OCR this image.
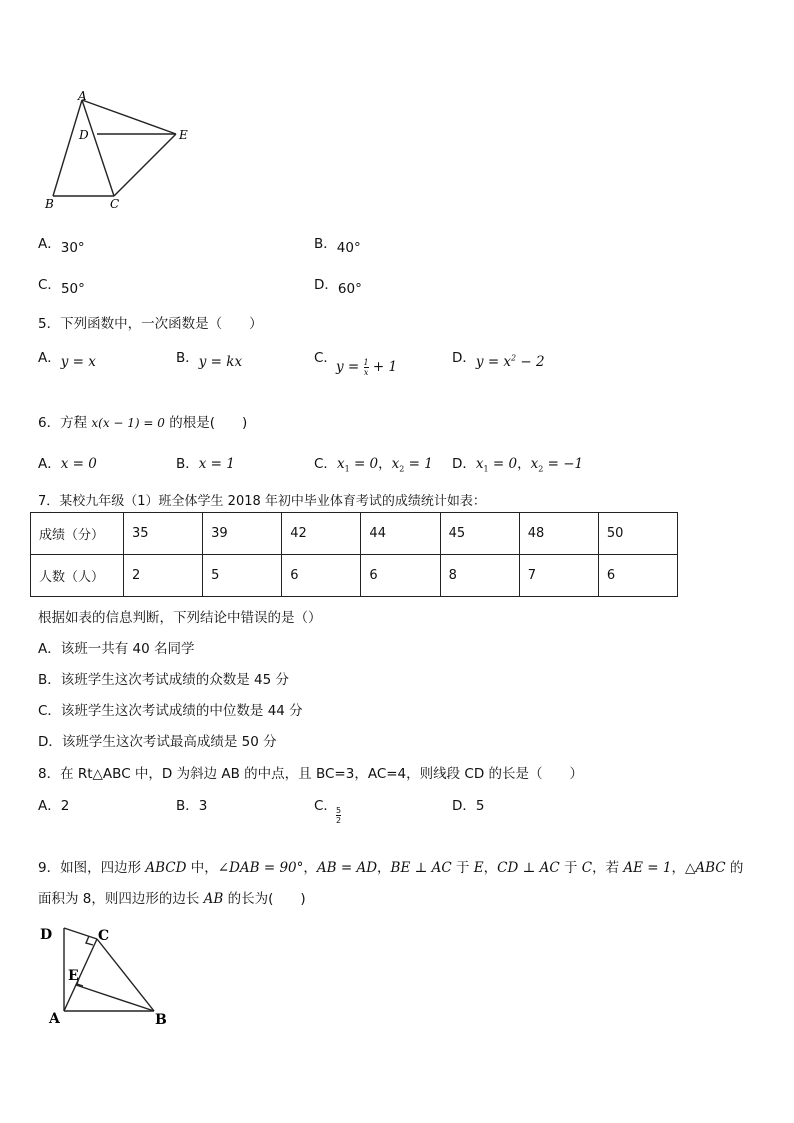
A
D	E
B	C
A．30°	B．40°
C．50°	D．60°
5．下列函数中，一次函数是（　　）
A．y = x	B．y = kx	C．
$y = \frac{1}{x} + 1$
D．$y = x^2 - 2$
6．方程 x(x − 1) = 0 的根是(　　)
A．x = 0	B．x = 1	C．$x_1 = 0$，$x_2 = 1$ D．$x_1 = 0$，$x_2 = -1$
7．某校九年级（1）班全体学生 2018 年初中毕业体育考试的成绩统计如表：
成绩（分）	35	39	42	44	45	48	50
人数（人）	2	5	6	6	8	7	6
根据如表的信息判断，下列结论中错误的是（）
A．该班一共有 40 名同学
B．该班学生这次考试成绩的众数是 45 分
C．该班学生这次考试成绩的中位数是 44 分
D．该班学生这次考试最高成绩是 50 分
8．在 Rt△ABC 中，D 为斜边 AB 的中点，且 BC=3，AC=4，则线段 CD 的长是（　　）
A．2	B．3	C． $\frac{5}{2}$	D．5
9．如图，四边形 ABCD 中，∠DAB = 90°，AB = AD，BE ⊥ AC 于 E，CD ⊥ AC 于 C，若 AE = 1，△ABC 的
面积为 8，则四边形的边长 AB 的长为(　　)
D	C
E
A	B
